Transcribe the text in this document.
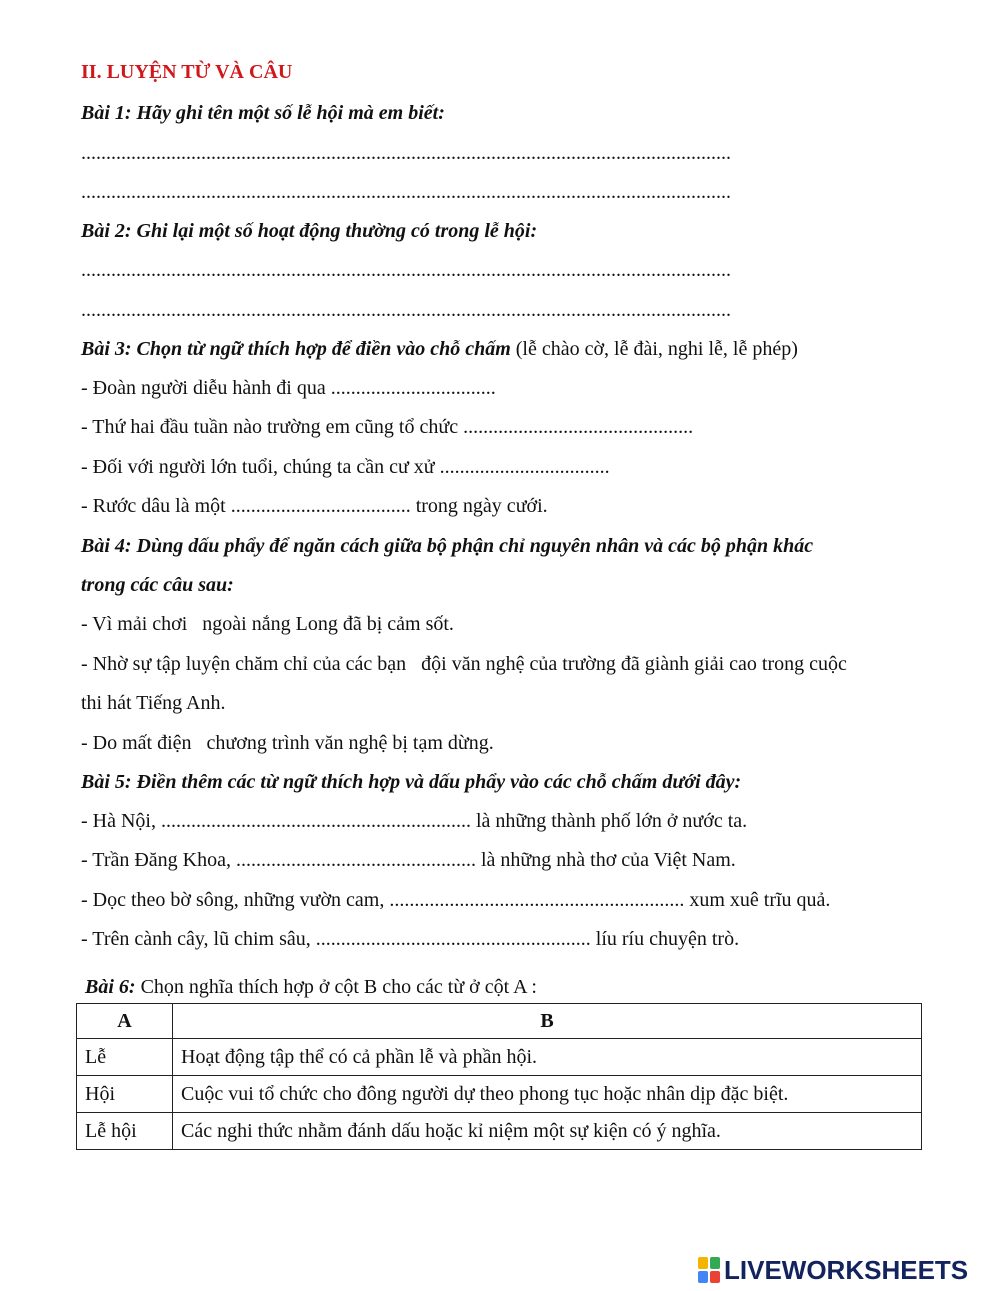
II. LUYỆN TỪ VÀ CÂU
Bài 1: Hãy ghi tên một số lễ hội mà em biết:
..................................................................................................................................
..................................................................................................................................
Bài 2: Ghi lại một số hoạt động thường có trong lễ hội:
..................................................................................................................................
..................................................................................................................................
Bài 3: Chọn từ ngữ thích hợp để điền vào chỗ chấm (lễ chào cờ, lễ đài, nghi lễ, lễ phép)
- Đoàn người diễu hành đi qua .................................
- Thứ hai đầu tuần nào trường em cũng tổ chức ..............................................
- Đối với người lớn tuổi, chúng ta cần cư xử ..................................
- Rước dâu là một .................................... trong ngày cưới.
Bài 4: Dùng dấu phẩy để ngăn cách giữa bộ phận chỉ nguyên nhân và các bộ phận khác
trong các câu sau:
- Vì mải chơi   ngoài nắng Long đã bị cảm sốt.
- Nhờ sự tập luyện chăm chỉ của các bạn   đội văn nghệ của trường đã giành giải cao trong cuộc
thi hát Tiếng Anh.
- Do mất điện   chương trình văn nghệ bị tạm dừng.
Bài 5: Điền thêm các từ ngữ thích hợp và dấu phẩy vào các chỗ chấm dưới đây:
- Hà Nội, .............................................................. là những thành phố lớn ở nước ta.
- Trần Đăng Khoa, ................................................ là những nhà thơ của Việt Nam.
- Dọc theo bờ sông, những vườn cam, ........................................................... xum xuê trĩu quả.
- Trên cành cây, lũ chim sâu, ....................................................... líu ríu chuyện trò.
Bài 6: Chọn nghĩa thích hợp ở cột B cho các từ ở cột A :
A	B
Lễ	Hoạt động tập thể có cả phần lễ và phần hội.
Hội	Cuộc vui tổ chức cho đông người dự theo phong tục hoặc nhân dịp đặc biệt.
Lễ hội	Các nghi thức nhằm đánh dấu hoặc kỉ niệm một sự kiện có ý nghĩa.
LIVEWORKSHEETS
